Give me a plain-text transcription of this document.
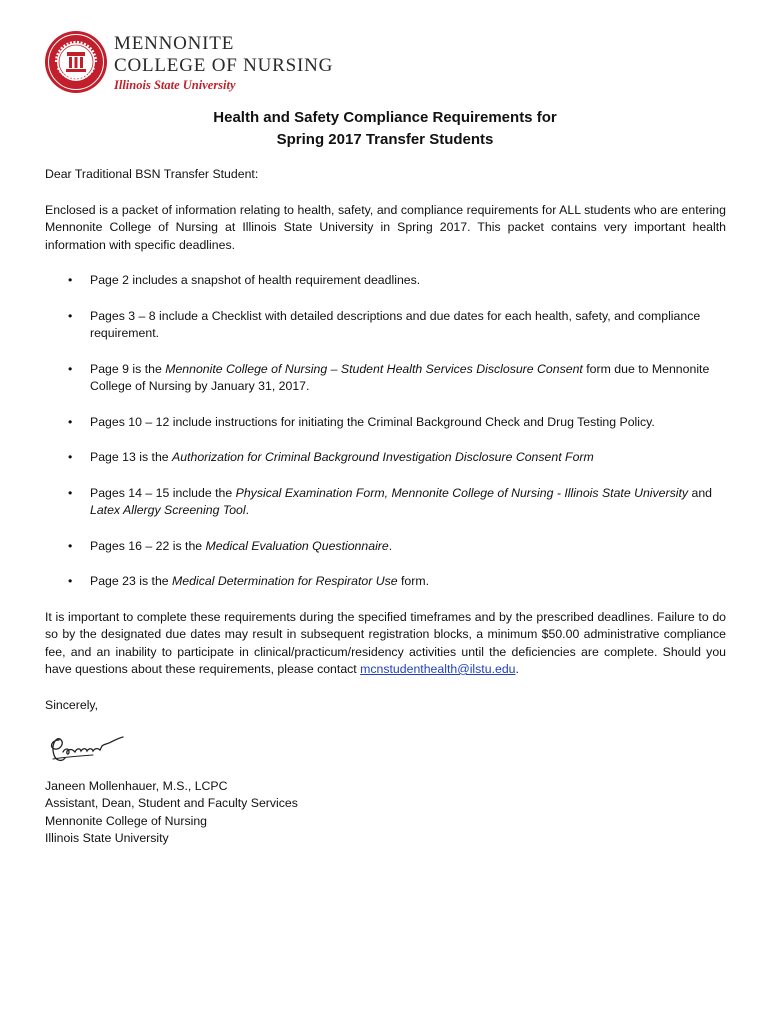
MENNONITE
COLLEGE OF NURSING
Illinois State University
Health and Safety Compliance Requirements for
Spring 2017 Transfer Students

Dear Traditional BSN Transfer Student:

Enclosed is a packet of information relating to health, safety, and compliance requirements for ALL students who are entering Mennonite College of Nursing at Illinois State University in Spring 2017. This packet contains very important health information with specific deadlines.

• Page 2 includes a snapshot of health requirement deadlines.
• Pages 3 – 8 include a Checklist with detailed descriptions and due dates for each health, safety, and compliance requirement.
• Page 9 is the Mennonite College of Nursing – Student Health Services Disclosure Consent form due to Mennonite College of Nursing by January 31, 2017.
• Pages 10 – 12 include instructions for initiating the Criminal Background Check and Drug Testing Policy.
• Page 13 is the Authorization for Criminal Background Investigation Disclosure Consent Form
• Pages 14 – 15 include the Physical Examination Form, Mennonite College of Nursing - Illinois State University and Latex Allergy Screening Tool.
• Pages 16 – 22 is the Medical Evaluation Questionnaire.
• Page 23 is the Medical Determination for Respirator Use form.

It is important to complete these requirements during the specified timeframes and by the prescribed deadlines. Failure to do so by the designated due dates may result in subsequent registration blocks, a minimum $50.00 administrative compliance fee, and an inability to participate in clinical/practicum/residency activities until the deficiencies are complete. Should you have questions about these requirements, please contact mcnstudenthealth@ilstu.edu.

Sincerely,

Janeen Mollenhauer, M.S., LCPC

Assistant, Dean, Student and Faculty Services

Mennonite College of Nursing

Illinois State University
